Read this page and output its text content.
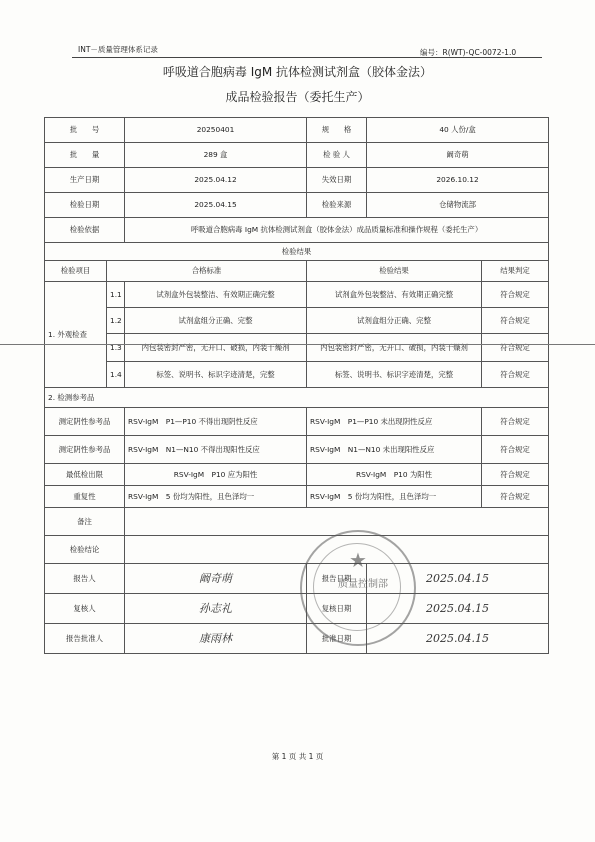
INT－质量管理体系记录	编号：R(WT)-QC-0072-1.0
呼吸道合胞病毒 IgM 抗体检测试剂盒（胶体金法）
成品检验报告（委托生产）
批　　号		20250401	规　　格	40 人份/盒	
批　　量		289 盒	检 验 人	阚奇萌	
生产日期		2025.04.12	失效日期	2026.10.12	
检验日期		2025.04.15	检验来源	仓储物流部	
检验依据		呼吸道合胞病毒 IgM 抗体检测试剂盒（胶体金法）成品质量标准和操作规程（委托生产）			
检验结果					
检验项目	合格标准		检验结果		结果判定
1. 外观检查	1.1	试剂盒外包装整洁、有效期正确完整	试剂盒外包装整洁、有效期正确完整		符合规定
	1.2	试剂盒组分正确、完整	试剂盒组分正确、完整		符合规定
	1.3	内包装密封严密，无开口、破损，内装干燥剂	内包装密封严密，无开口、破损，内装干燥剂		符合规定
	1.4	标签、说明书、标识字迹清楚，完整	标签、说明书、标识字迹清楚，完整		符合规定
2. 检测参考品					
测定阴性参考品		RSV-IgM　P1—P10 不得出现阴性反应	RSV-IgM　P1—P10 未出现阴性反应		符合规定
测定阴性参考品		RSV-IgM　N1—N10 不得出现阳性反应	RSV-IgM　N1—N10 未出现阳性反应		符合规定
最低检出限		RSV-IgM　P10 应为阳性	RSV-IgM　P10 为阳性		符合规定
重复性		RSV-IgM　5 份均为阳性，且色泽均一	RSV-IgM　5 份均为阳性，且色泽均一		符合规定
备注					
检验结论					
报告人		阚奇萌	报告日期	2025.04.15	
复核人		孙志礼	复核日期	2025.04.15	
报告批准人		康雨林	批准日期	2025.04.15	
★
质量控制部
第 1 页 共 1 页
